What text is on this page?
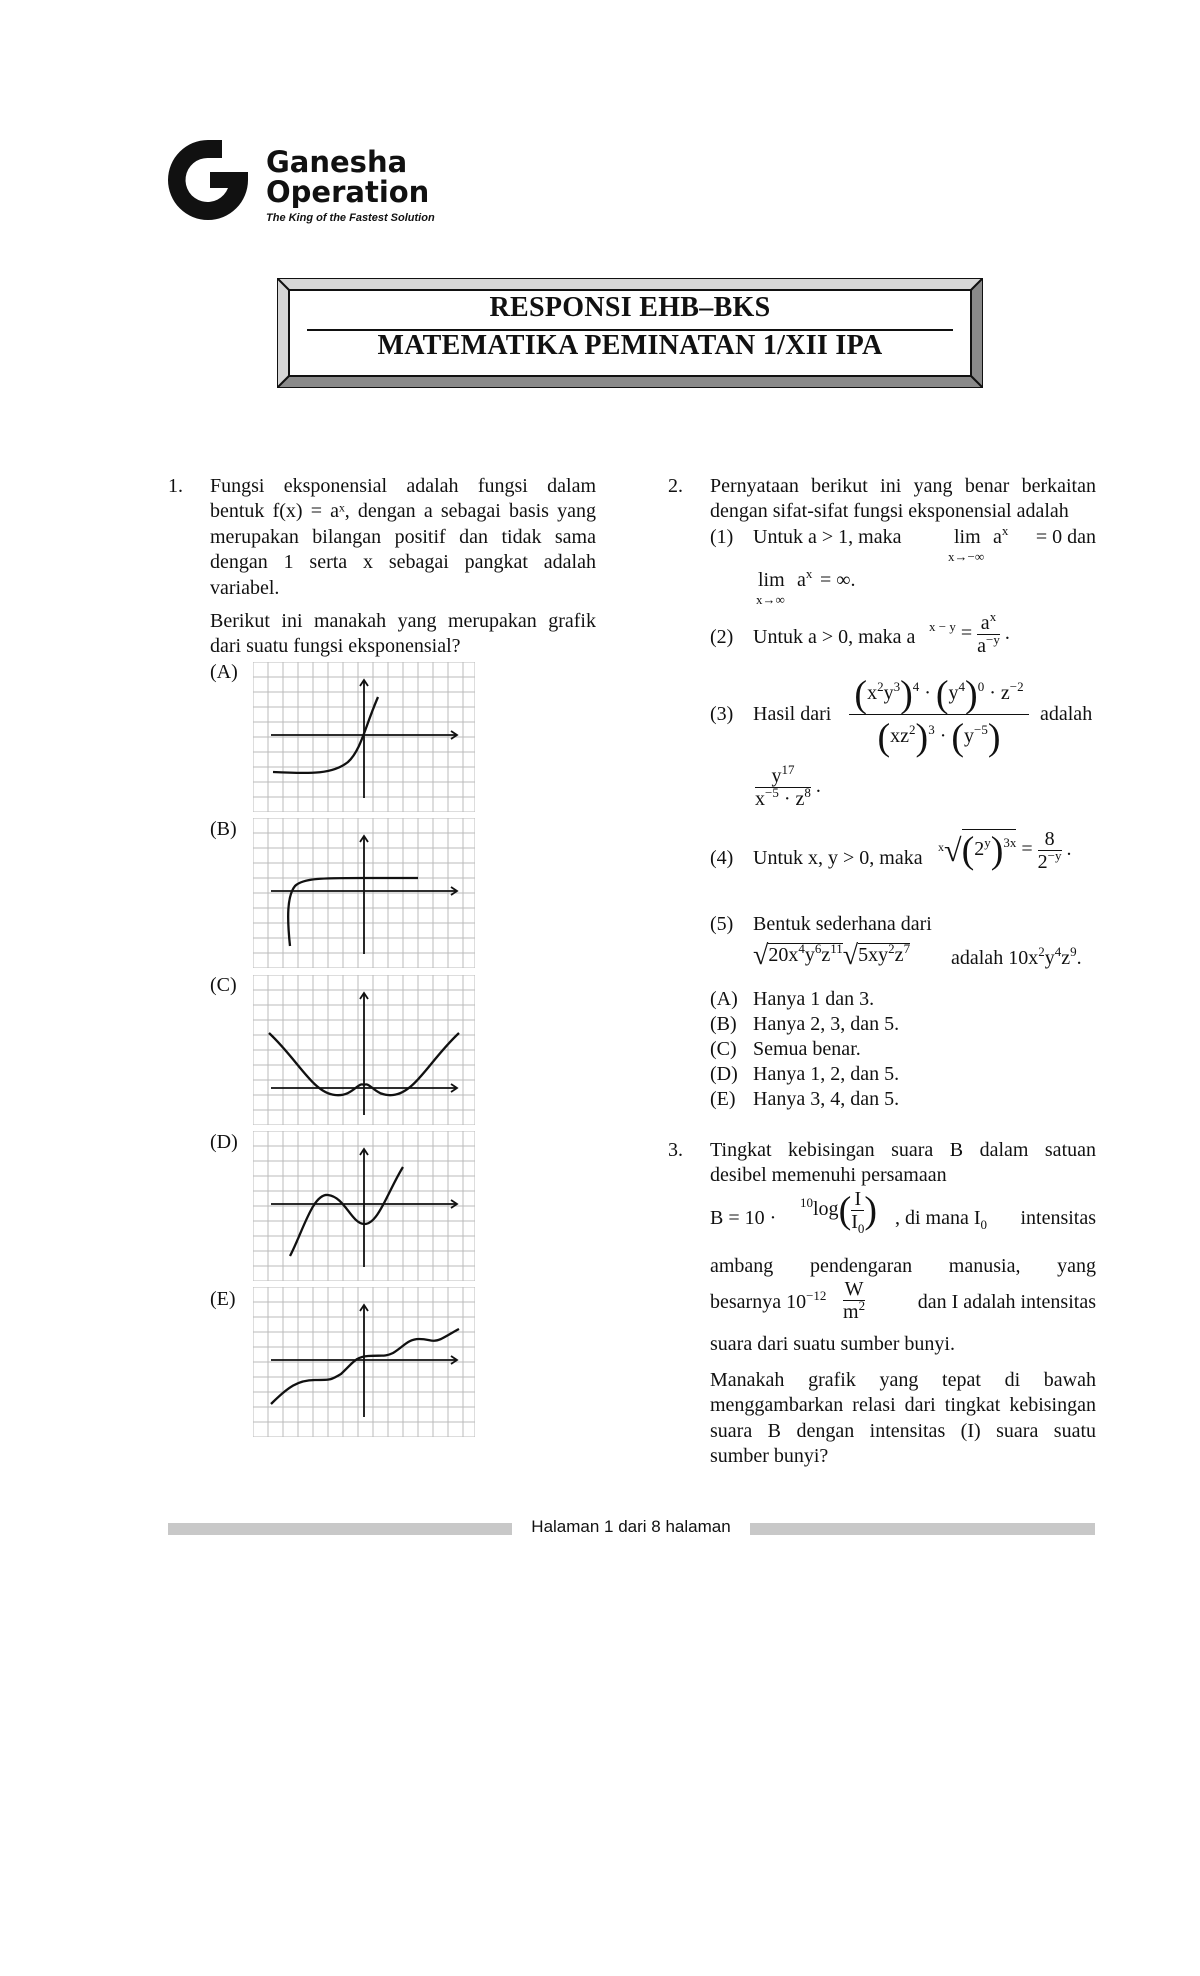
Ganesha
Operation
The King of the Fastest Solution
RESPONSI EHB–BKS
MATEMATIKA PEMINATAN 1/XII IPA
1. Fungsi eksponensial adalah fungsi dalam bentuk f(x) = aˣ, dengan a sebagai basis yang merupakan bilangan positif dan tidak sama dengan 1 serta x sebagai pangkat adalah variabel.
Berikut ini manakah yang merupakan grafik dari suatu fungsi eksponensial?
(A)
(B)
(C)
(D)
(E)
2. Pernyataan berikut ini yang benar berkaitan dengan sifat-sifat fungsi eksponensial adalah
(1) Untuk a > 1, maka	lim
x→−∞
$a^x$	= 0 dan
lim
x→∞
$a^x$ = ∞.
(2) Untuk a > 0, maka a $^{x - y} = \frac{a^x}{a^{-y}}$ .
(3) Hasil dari $(x^2y^3)^4 \cdot (y^4)^0 \cdot z^{-2}$
$(xz^2)^3 \cdot (y^{-5})$
adalah
$\frac{y^{17}}{x^{-5} \cdot z^8}$ .
(4) Untuk x, y > 0, maka $^x√(2^y)^{3x} = \frac{8}{2^{-y}}$ .
(5) Bentuk sederhana dari
$√20x^4y^6z^{11}√5xy^2z^7$ adalah $10x^2y^4z^9$.
(A) Hanya 1 dan 3.
(B) Hanya 2, 3, dan 5.
(C) Semua benar.
(D) Hanya 1, 2, dan 5.
(E) Hanya 3, 4, dan 5.
3. Tingkat kebisingan suara B dalam satuan desibel memenuhi persamaan
B = 10 ·
$^{10}\log( \frac{I}{I_0}$ ) , di mana $I_0$	intensitas
ambang pendengaran manusia, yang
besarnya $10^{-12} \frac{W}{m^2}$	dan I adalah intensitas
suara dari suatu sumber bunyi.
Manakah grafik yang tepat di bawah menggambarkan relasi dari tingkat kebisingan suara B dengan intensitas (I) suara suatu sumber bunyi?
Halaman 1 dari 8 halaman
